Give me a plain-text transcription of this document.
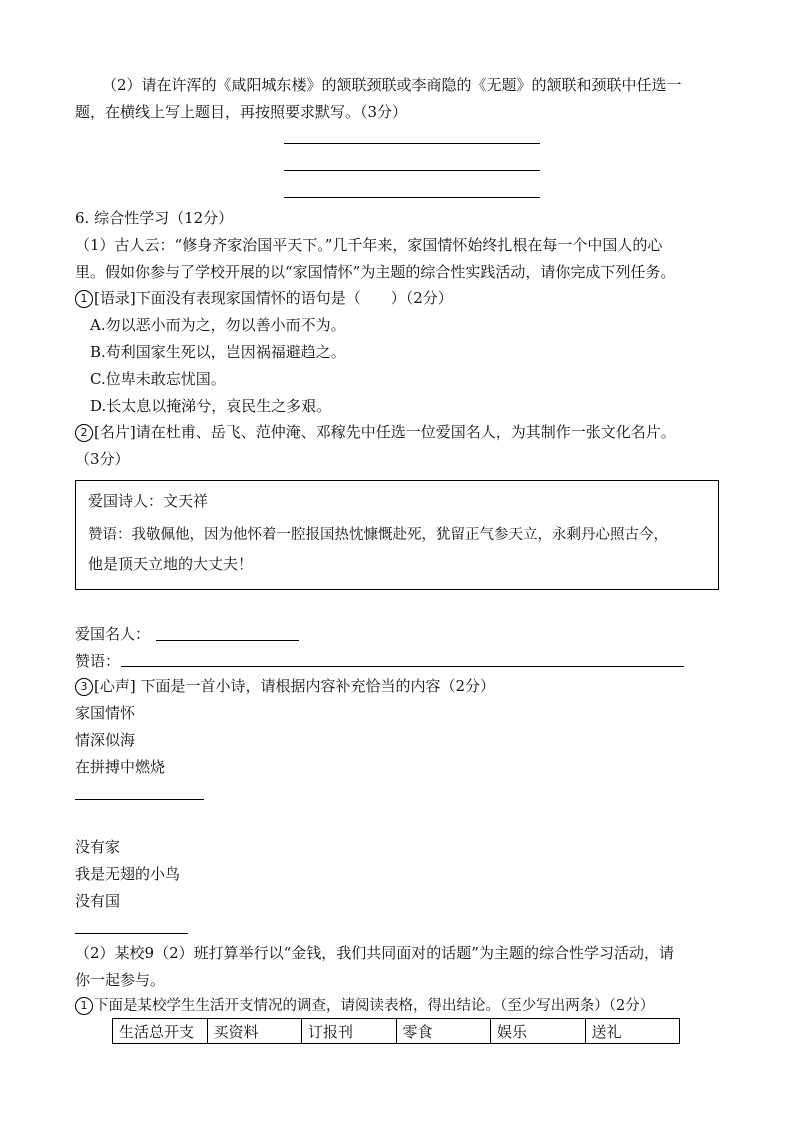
（2）请在许浑的《咸阳城东楼》的颔联颈联或李商隐的《无题》的颔联和颈联中任选一
题，在横线上写上题目，再按照要求默写。（3分）
6. 综合性学习（12分）
（1）古人云：“修身齐家治国平天下。”几千年来，家国情怀始终扎根在每一个中国人的心
里。假如你参与了学校开展的以“家国情怀”为主题的综合性实践活动，请你完成下列任务。
1 [语录]下面没有表现家国情怀的语句是（　　）（2分）
A.勿以恶小而为之，勿以善小而不为。
B.苟利国家生死以，岂因祸福避趋之。
C.位卑未敢忘忧国。
D.长太息以掩涕兮，哀民生之多艰。
2 [名片]请在杜甫、岳飞、范仲淹、邓稼先中任选一位爱国名人，为其制作一张文化名片。
（3分）
爱国诗人：文天祥
赞语：我敬佩他，因为他怀着一腔报国热忱慷慨赴死，犹留正气参天立，永剩丹心照古今，
他是顶天立地的大丈夫！
爱国名人：
赞语：
3 [心声] 下面是一首小诗，请根据内容补充恰当的内容（2分）
家国情怀
情深似海
在拼搏中燃烧
没有家
我是无翅的小鸟
没有国
（2）某校9（2）班打算举行以“金钱，我们共同面对的话题”为主题的综合性学习活动，请
你一起参与。
1 下面是某校学生生活开支情况的调查，请阅读表格，得出结论。（至少写出两条）（2分）
生活总开支	买资料	订报刊	零食	娱乐	送礼
